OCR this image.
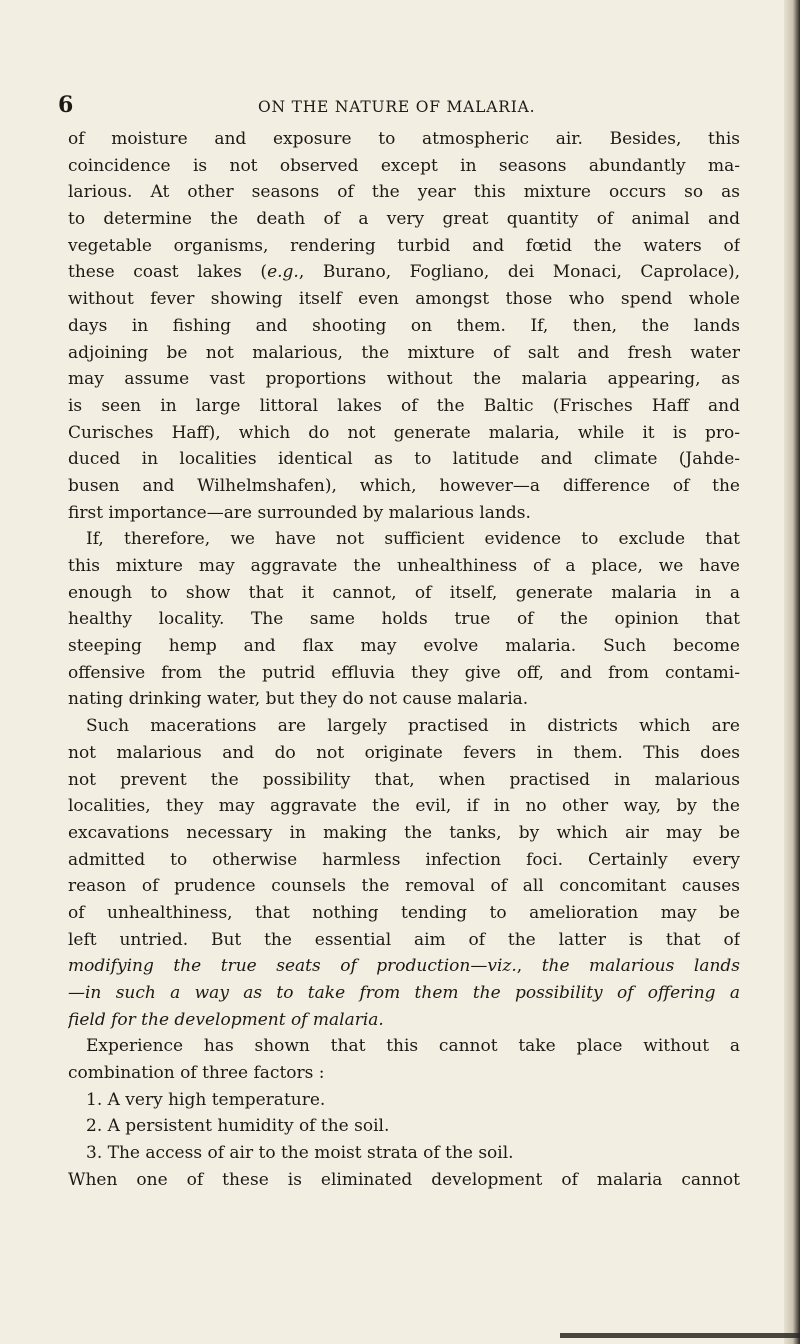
6	ON THE NATURE OF MALARIA.
of moisture and exposure to atmospheric air. Besides, this
coincidence is not observed except in seasons abundantly ma-
larious. At other seasons of the year this mixture occurs so as
to determine the death of a very great quantity of animal and
vegetable organisms, rendering turbid and fœtid the waters of
these coast lakes (e.g., Burano, Fogliano, dei Monaci, Caprolace),
without fever showing itself even amongst those who spend whole
days in fishing and shooting on them. If, then, the lands
adjoining be not malarious, the mixture of salt and fresh water
may assume vast proportions without the malaria appearing, as
is seen in large littoral lakes of the Baltic (Frisches Haff and
Curisches Haff), which do not generate malaria, while it is pro-
duced in localities identical as to latitude and climate (Jahde-
busen and Wilhelmshafen), which, however—a difference of the
first importance—are surrounded by malarious lands.
If, therefore, we have not sufficient evidence to exclude that
this mixture may aggravate the unhealthiness of a place, we have
enough to show that it cannot, of itself, generate malaria in a
healthy locality. The same holds true of the opinion that
steeping hemp and flax may evolve malaria. Such become
offensive from the putrid effluvia they give off, and from contami-
nating drinking water, but they do not cause malaria.
Such macerations are largely practised in districts which are
not malarious and do not originate fevers in them. This does
not prevent the possibility that, when practised in malarious
localities, they may aggravate the evil, if in no other way, by the
excavations necessary in making the tanks, by which air may be
admitted to otherwise harmless infection foci. Certainly every
reason of prudence counsels the removal of all concomitant causes
of unhealthiness, that nothing tending to amelioration may be
left untried. But the essential aim of the latter is that of
modifying the true seats of production—viz., the malarious lands
—in such a way as to take from them the possibility of offering a
field for the development of malaria.
Experience has shown that this cannot take place without a
combination of three factors :
1. A very high temperature.
2. A persistent humidity of the soil.
3. The access of air to the moist strata of the soil.
When one of these is eliminated development of malaria cannot
